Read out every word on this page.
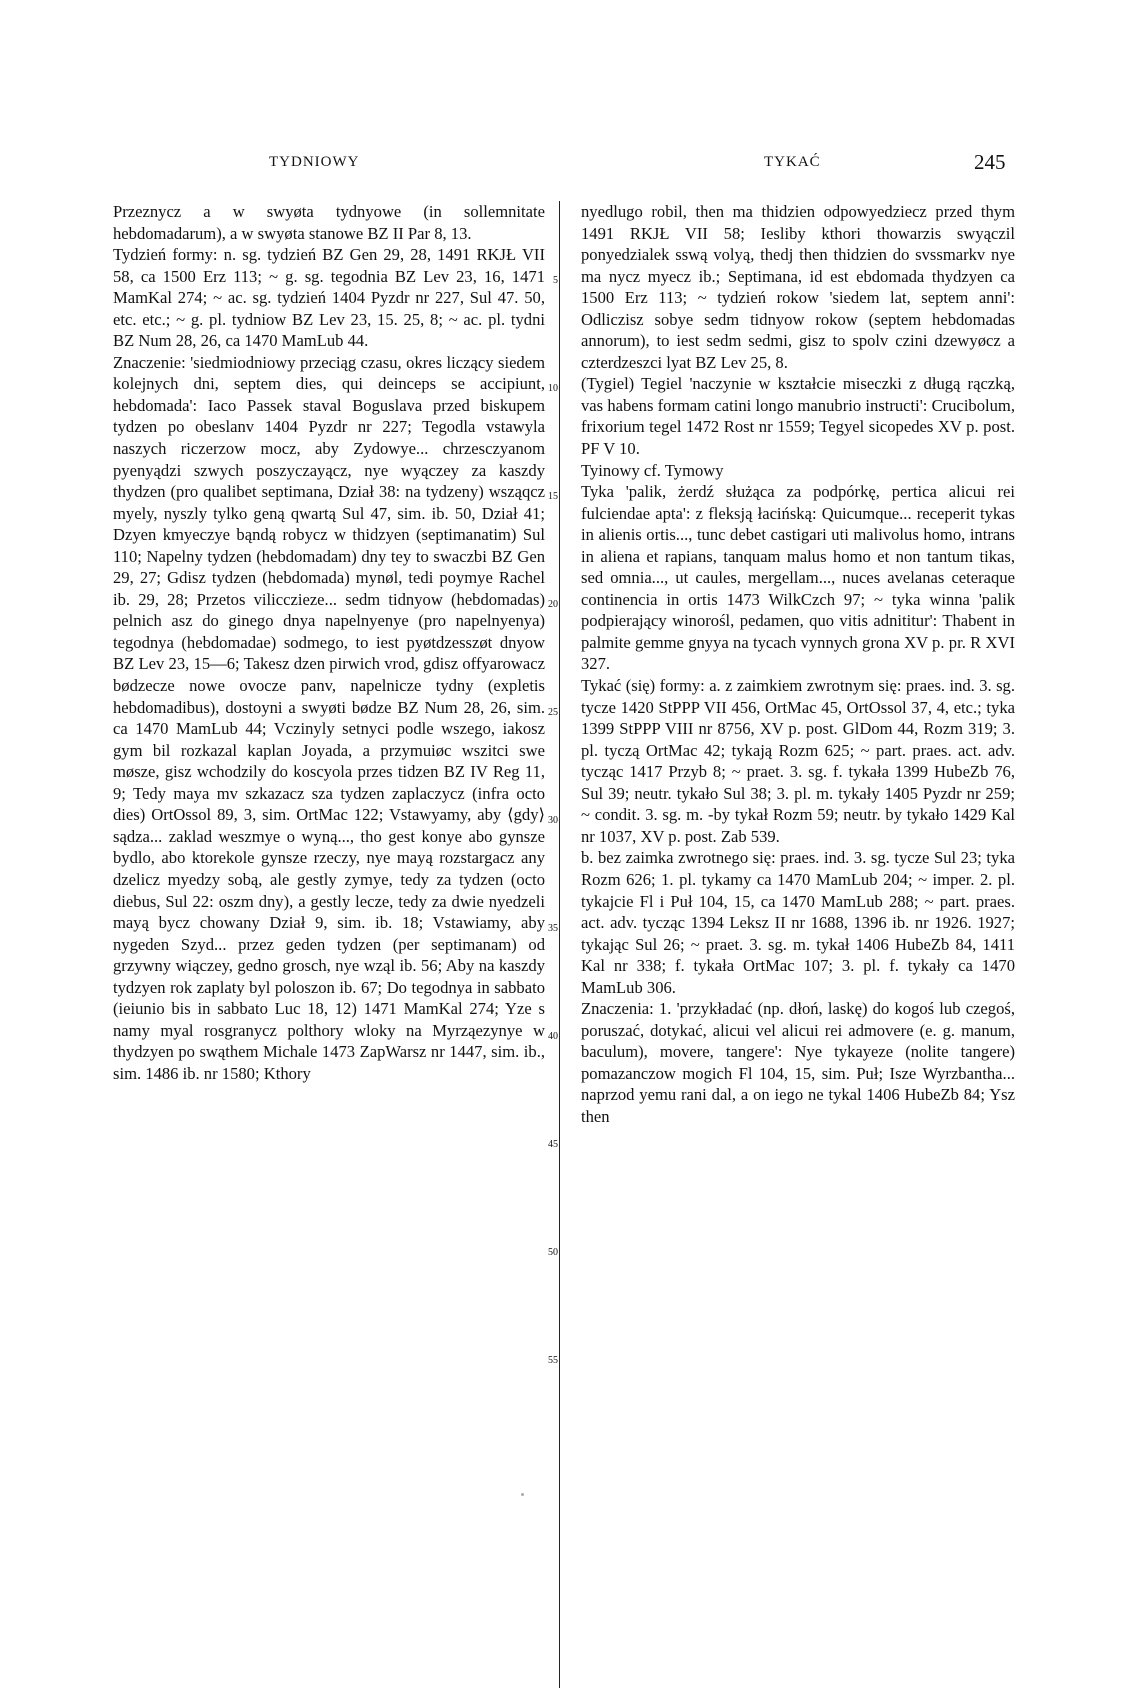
TYDNIOWY	TYKAĆ	245

Przeznycz a w swyøta tydnyowe (in sollemnitate hebdomadarum), a w swyøta stanowe BZ II Par 8, 13.

Tydzień formy: n. sg. tydzień BZ Gen 29, 28, 1491 RKJŁ VII 58, ca 1500 Erz 113; ~ g. sg. tegodnia BZ Lev 23, 16, 1471 MamKal 274; ~ ac. sg. tydzień 1404 Pyzdr nr 227, Sul 47. 50, etc. etc.; ~ g. pl. tydniow BZ Lev 23, 15. 25, 8; ~ ac. pl. tydni BZ Num 28, 26, ca 1470 MamLub 44.

Znaczenie: 'siedmiodniowy przeciąg czasu, okres liczący siedem kolejnych dni, septem dies, qui deinceps se accipiunt, hebdomada': Iaco Passek staval Boguslava przed biskupem tydzen po obeslanv 1404 Pyzdr nr 227; Tegodla vstawyla naszych riczerzow mocz, aby Zydowye... chrzesczyanom pyenyądzi szwych poszyczayącz, nye wyączey za kaszdy thydzen (pro qualibet septimana, Dział 38: na tydzeny) wsząqcz myely, nyszly tylko geną qwartą Sul 47, sim. ib. 50, Dział 41; Dzyen kmyeczye bąndą robycz w thidzyen (septimanatim) Sul 110; Napelny tydzen (hebdomadam) dny tey to swaczbi BZ Gen 29, 27; Gdisz tydzen (hebdomada) mynøl, tedi poymye Rachel ib. 29, 28; Przetos vilicczieze... sedm tidnyow (hebdomadas) pelnich asz do ginego dnya napelnyenye (pro napelnyenya) tegodnya (hebdomadae) sodmego, to iest pyøtdzesszøt dnyow BZ Lev 23, 15—6; Takesz dzen pirwich vrod, gdisz offyarowacz bødzecze nowe ovocze panv, napelnicze tydny (expletis hebdomadibus), dostoyni a swyøti bødze BZ Num 28, 26, sim. ca 1470 MamLub 44; Vczinyly setnyci podle wszego, iakosz gym bil rozkazal kaplan Joyada, a przymuiøc wszitci swe møsze, gisz wchodzily do koscyola przes tidzen BZ IV Reg 11, 9; Tedy maya mv szkazacz sza tydzen zaplaczycz (infra octo dies) OrtOssol 89, 3, sim. OrtMac 122; Vstawyamy, aby ⟨gdy⟩ sądza... zaklad weszmye o wyną..., tho gest konye abo gynsze bydlo, abo ktorekole gynsze rzeczy, nye mayą rozstargacz any dzelicz myedzy sobą, ale gestly zymye, tedy za tydzen (octo diebus, Sul 22: oszm dny), a gestly lecze, tedy za dwie nyedzeli mayą bycz chowany Dział 9, sim. ib. 18; Vstawiamy, aby nygeden Szyd... przez geden tydzen (per septimanam) od grzywny wiączey, gedno grosch, nye wząl ib. 56; Aby na kaszdy tydzyen rok zaplaty byl poloszon ib. 67; Do tegodnya in sabbato (ieiunio bis in sabbato Luc 18, 12) 1471 MamKal 274; Yze s namy myal rosgranycz polthory wloky na Myrząezynye w thydzyen po swąthem Michale 1473 ZapWarsz nr 1447, sim. ib., sim. 1486 ib. nr 1580; Kthory

5
10
15
20
25
30
35
40
45
50
55

nyedlugo robil, then ma thidzien odpowyedziecz przed thym 1491 RKJŁ VII 58; Iesliby kthori thowarzis swyączil ponyedzialek sswą volyą, thedj then thidzien do svssmarkv nye ma nycz myecz ib.; Septimana, id est ebdomada thydzyen ca 1500 Erz 113; ~ tydzień rokow 'siedem lat, septem anni': Odliczisz sobye sedm tidnyow rokow (septem hebdomadas annorum), to iest sedm sedmi, gisz to spolv czini dzewyøcz a czterdzeszci lyat BZ Lev 25, 8.

(Tygiel) Tegiel 'naczynie w kształcie miseczki z długą rączką, vas habens formam catini longo manubrio instructi': Crucibolum, frixorium tegel 1472 Rost nr 1559; Tegyel sicopedes XV p. post. PF V 10.

Tyinowy cf. Tymowy

Tyka 'palik, żerdź służąca za podpórkę, pertica alicui rei fulciendae apta': z fleksją łacińską: Quicumque... receperit tykas in alienis ortis..., tunc debet castigari uti malivolus homo, intrans in aliena et rapians, tanquam malus homo et non tantum tikas, sed omnia..., ut caules, mergellam..., nuces avelanas ceteraque continencia in ortis 1473 WilkCzch 97; ~ tyka winna 'palik podpierający winorośl, pedamen, quo vitis adnititur': Thabent in palmite gemme gnyya na tycach vynnych grona XV p. pr. R XVI 327.

Tykać (się) formy: a. z zaimkiem zwrotnym się: praes. ind. 3. sg. tycze 1420 StPPP VII 456, OrtMac 45, OrtOssol 37, 4, etc.; tyka 1399 StPPP VIII nr 8756, XV p. post. GlDom 44, Rozm 319; 3. pl. tyczą OrtMac 42; tykają Rozm 625; ~ part. praes. act. adv. tycząc 1417 Przyb 8; ~ praet. 3. sg. f. tykała 1399 HubeZb 76, Sul 39; neutr. tykało Sul 38; 3. pl. m. tykały 1405 Pyzdr nr 259; ~ condit. 3. sg. m. -by tykał Rozm 59; neutr. by tykało 1429 Kal nr 1037, XV p. post. Zab 539.

b. bez zaimka zwrotnego się: praes. ind. 3. sg. tycze Sul 23; tyka Rozm 626; 1. pl. tykamy ca 1470 MamLub 204; ~ imper. 2. pl. tykajcie Fl i Puł 104, 15, ca 1470 MamLub 288; ~ part. praes. act. adv. tycząc 1394 Leksz II nr 1688, 1396 ib. nr 1926. 1927; tykając Sul 26; ~ praet. 3. sg. m. tykał 1406 HubeZb 84, 1411 Kal nr 338; f. tykała OrtMac 107; 3. pl. f. tykały ca 1470 MamLub 306.

Znaczenia: 1. 'przykładać (np. dłoń, laskę) do kogoś lub czegoś, poruszać, dotykać, alicui vel alicui rei admovere (e. g. manum, baculum), movere, tangere': Nye tykayeze (nolite tangere) pomazanczow mogich Fl 104, 15, sim. Puł; Isze Wyrzbantha... naprzod yemu rani dal, a on iego ne tykal 1406 HubeZb 84; Ysz then
